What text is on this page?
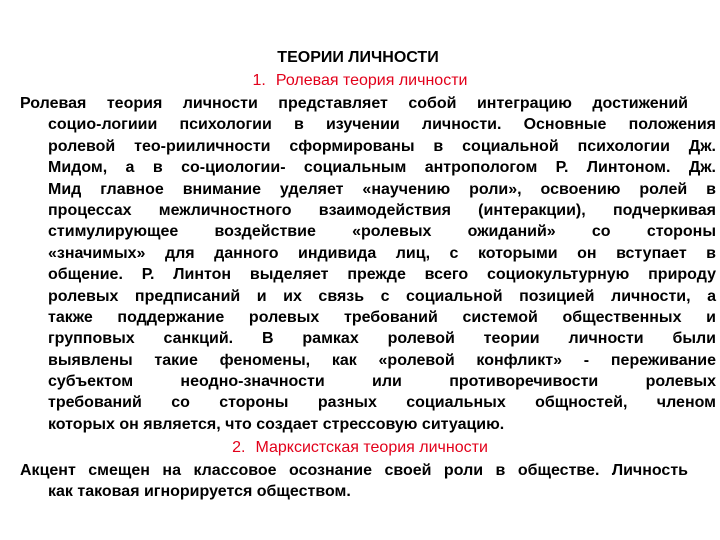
ТЕОРИИ ЛИЧНОСТИ
1. Ролевая теория личности
Ролевая теория личности представляет собой интеграцию достижений
социо-логиии психологии в изучении личности. Основные положения
ролевой тео-рииличности сформированы в социальной психологии Дж.
Мидом, а в со-циологии- социальным антропологом Р. Линтоном. Дж.
Мид главное внимание уделяет «научению роли», освоению ролей в
процессах межличностного взаимодействия (интеракции), подчеркивая
стимулирующее воздействие «ролевых ожиданий» со стороны
«значимых» для данного индивида лиц, с которыми он вступает в
общение. Р. Линтон выделяет прежде всего социокультурную природу
ролевых предписаний и их связь с социальной позицией личности, а
также поддержание ролевых требований системой общественных и
групповых санкций. В рамках ролевой теории личности были
выявлены такие феномены, как «ролевой конфликт» - переживание
субъектом неодно-значности или противоречивости ролевых
требований со стороны разных социальных общностей, членом
которых он является, что создает стрессовую ситуацию.
2. Марксистская теория личности
Акцент смещен на классовое осознание своей роли в обществе. Личность
как таковая игнорируется обществом.
